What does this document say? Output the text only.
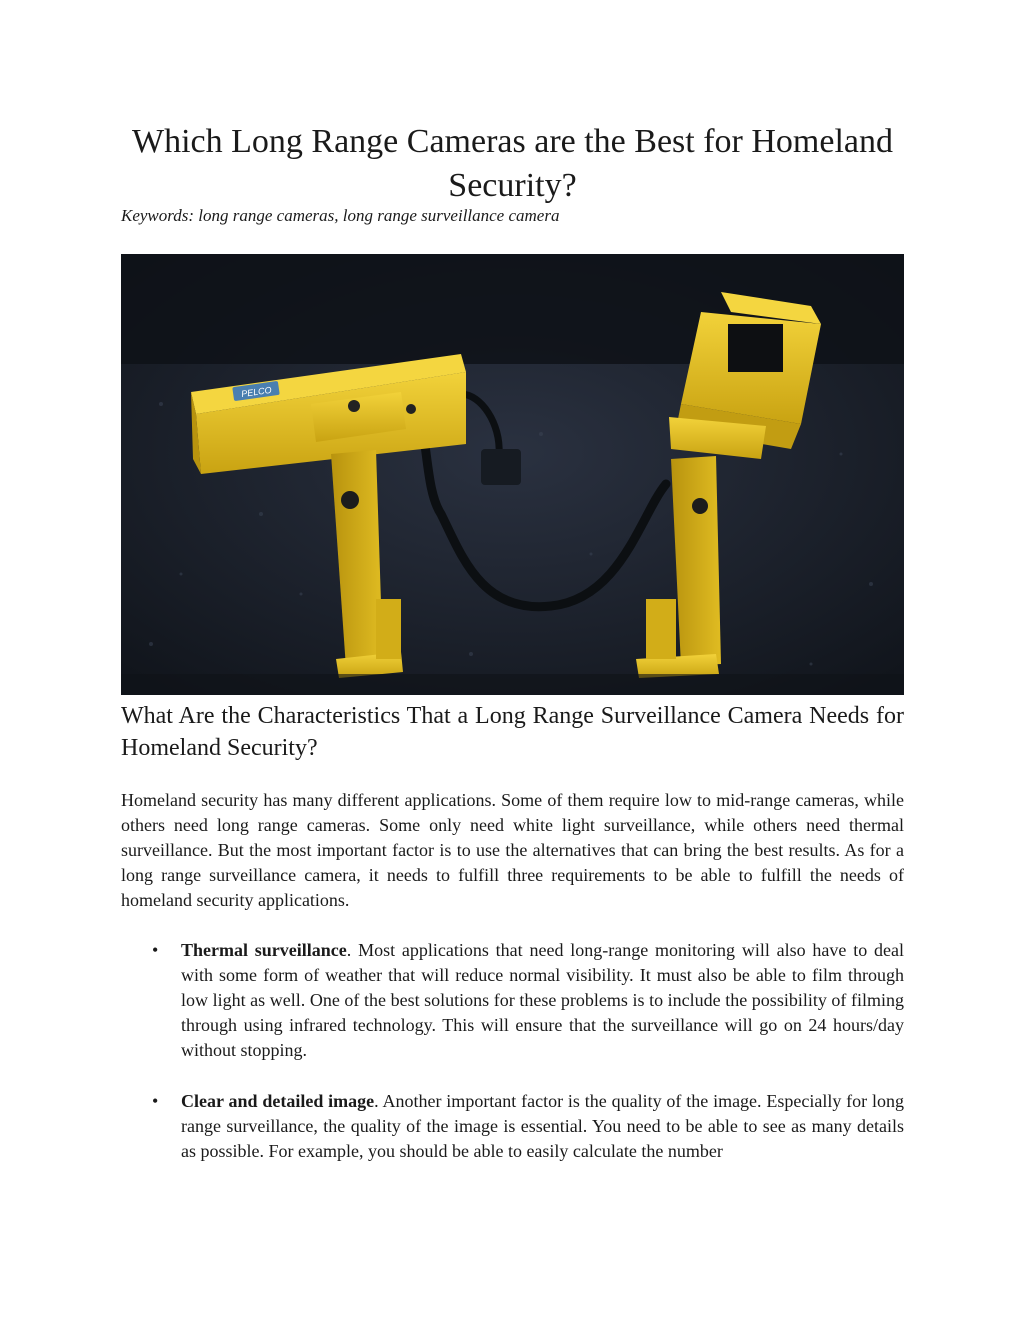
Which Long Range Cameras are the Best for Homeland Security?

Keywords: long range cameras, long range surveillance camera

PELCO
What Are the Characteristics That a Long Range Surveillance Camera Needs for Homeland Security?

Homeland security has many different applications. Some of them require low to mid-range cameras, while others need long range cameras. Some only need white light surveillance, while others need thermal surveillance. But the most important factor is to use the alternatives that can bring the best results. As for a long range surveillance camera, it needs to fulfill three requirements to be able to fulfill the needs of homeland security applications.

• Thermal surveillance. Most applications that need long-range monitoring will also have to deal with some form of weather that will reduce normal visibility. It must also be able to film through low light as well. One of the best solutions for these problems is to include the possibility of filming through using infrared technology. This will ensure that the surveillance will go on 24 hours/day without stopping.

• Clear and detailed image. Another important factor is the quality of the image. Especially for long range surveillance, the quality of the image is essential. You need to be able to see as many details as possible. For example, you should be able to easily calculate the number
